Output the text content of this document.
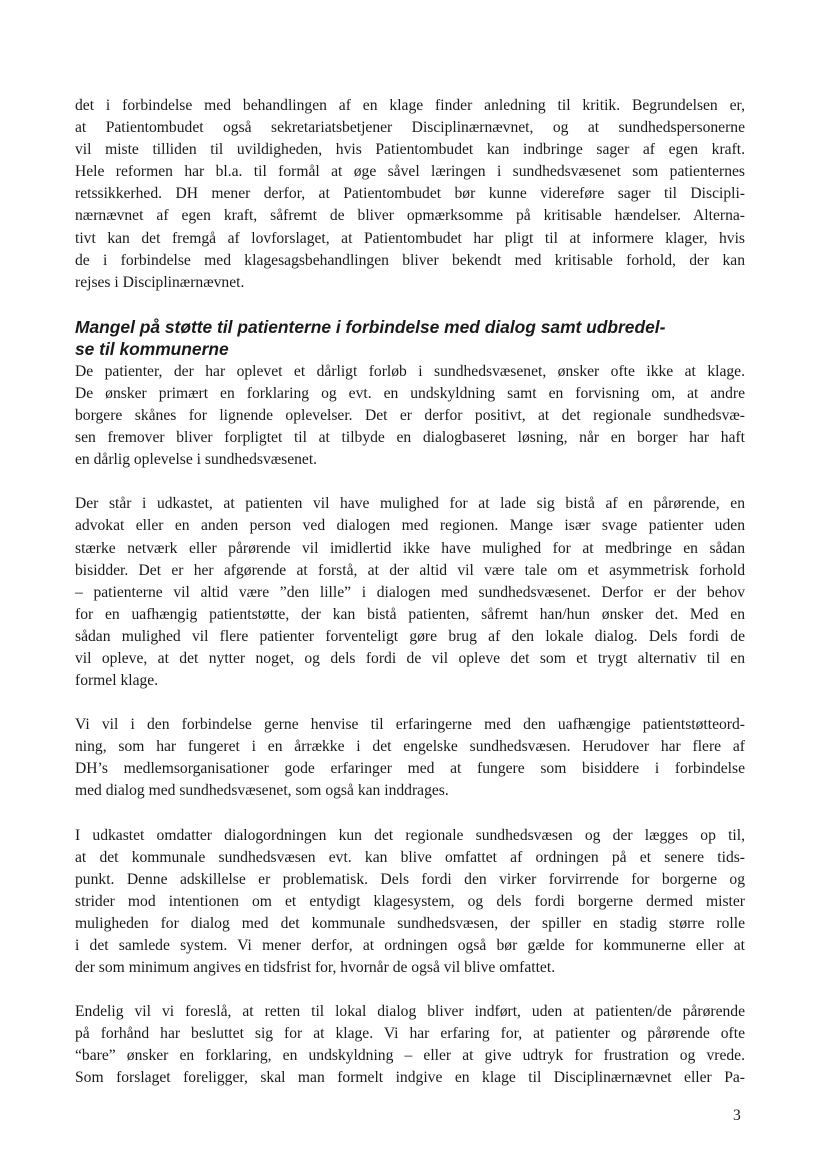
det i forbindelse med behandlingen af en klage finder anledning til kritik. Begrundelsen er,
at Patientombudet også sekretariatsbetjener Disciplinærnævnet, og at sundhedspersonerne
vil miste tilliden til uvildigheden, hvis Patientombudet kan indbringe sager af egen kraft.
Hele reformen har bl.a. til formål at øge såvel læringen i sundhedsvæsenet som patienternes
retssikkerhed. DH mener derfor, at Patientombudet bør kunne videreføre sager til Discipli-
nærnævnet af egen kraft, såfremt de bliver opmærksomme på kritisable hændelser. Alterna-
tivt kan det fremgå af lovforslaget, at Patientombudet har pligt til at informere klager, hvis
de i forbindelse med klagesagsbehandlingen bliver bekendt med kritisable forhold, der kan
rejses i Disciplinærnævnet.
Mangel på støtte til patienterne i forbindelse med dialog samt udbredel-
se til kommunerne
De patienter, der har oplevet et dårligt forløb i sundhedsvæsenet, ønsker ofte ikke at klage.
De ønsker primært en forklaring og evt. en undskyldning samt en forvisning om, at andre
borgere skånes for lignende oplevelser. Det er derfor positivt, at det regionale sundhedsvæ-
sen fremover bliver forpligtet til at tilbyde en dialogbaseret løsning, når en borger har haft
en dårlig oplevelse i sundhedsvæsenet.
Der står i udkastet, at patienten vil have mulighed for at lade sig bistå af en pårørende, en
advokat eller en anden person ved dialogen med regionen. Mange især svage patienter uden
stærke netværk eller pårørende vil imidlertid ikke have mulighed for at medbringe en sådan
bisidder. Det er her afgørende at forstå, at der altid vil være tale om et asymmetrisk forhold
– patienterne vil altid være ”den lille” i dialogen med sundhedsvæsenet. Derfor er der behov
for en uafhængig patientstøtte, der kan bistå patienten, såfremt han/hun ønsker det. Med en
sådan mulighed vil flere patienter forventeligt gøre brug af den lokale dialog. Dels fordi de
vil opleve, at det nytter noget, og dels fordi de vil opleve det som et trygt alternativ til en
formel klage.
Vi vil i den forbindelse gerne henvise til erfaringerne med den uafhængige patientstøtteord-
ning, som har fungeret i en årrække i det engelske sundhedsvæsen. Herudover har flere af
DH’s medlemsorganisationer gode erfaringer med at fungere som bisiddere i forbindelse
med dialog med sundhedsvæsenet, som også kan inddrages.
I udkastet omdatter dialogordningen kun det regionale sundhedsvæsen og der lægges op til,
at det kommunale sundhedsvæsen evt. kan blive omfattet af ordningen på et senere tids-
punkt. Denne adskillelse er problematisk. Dels fordi den virker forvirrende for borgerne og
strider mod intentionen om et entydigt klagesystem, og dels fordi borgerne dermed mister
muligheden for dialog med det kommunale sundhedsvæsen, der spiller en stadig større rolle
i det samlede system. Vi mener derfor, at ordningen også bør gælde for kommunerne eller at
der som minimum angives en tidsfrist for, hvornår de også vil blive omfattet.
Endelig vil vi foreslå, at retten til lokal dialog bliver indført, uden at patienten/de pårørende
på forhånd har besluttet sig for at klage. Vi har erfaring for, at patienter og pårørende ofte
“bare” ønsker en forklaring, en undskyldning – eller at give udtryk for frustration og vrede.
Som forslaget foreligger, skal man formelt indgive en klage til Disciplinærnævnet eller Pa-
3
